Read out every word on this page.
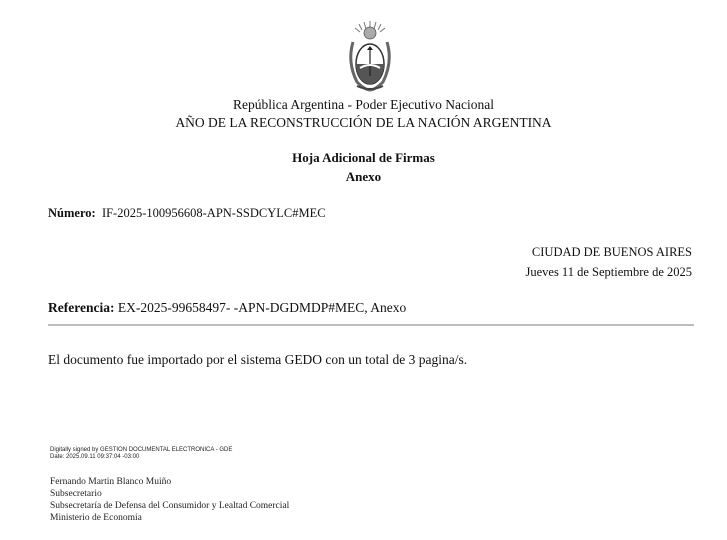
República Argentina - Poder Ejecutivo Nacional
AÑO DE LA RECONSTRUCCIÓN DE LA NACIÓN ARGENTINA
Hoja Adicional de Firmas
Anexo
Número: IF-2025-100956608-APN-SSDCYLC#MEC
CIUDAD DE BUENOS AIRES
Jueves 11 de Septiembre de 2025
Referencia: EX-2025-99658497- -APN-DGDMDP#MEC, Anexo
El documento fue importado por el sistema GEDO con un total de 3 pagina/s.
Digitally signed by GESTION DOCUMENTAL ELECTRONICA - GDE
Date: 2025.09.11 09:37:04 -03:00
Fernando Martin Blanco Muiño
Subsecretario
Subsecretaría de Defensa del Consumidor y Lealtad Comercial
Ministerio de Economía
